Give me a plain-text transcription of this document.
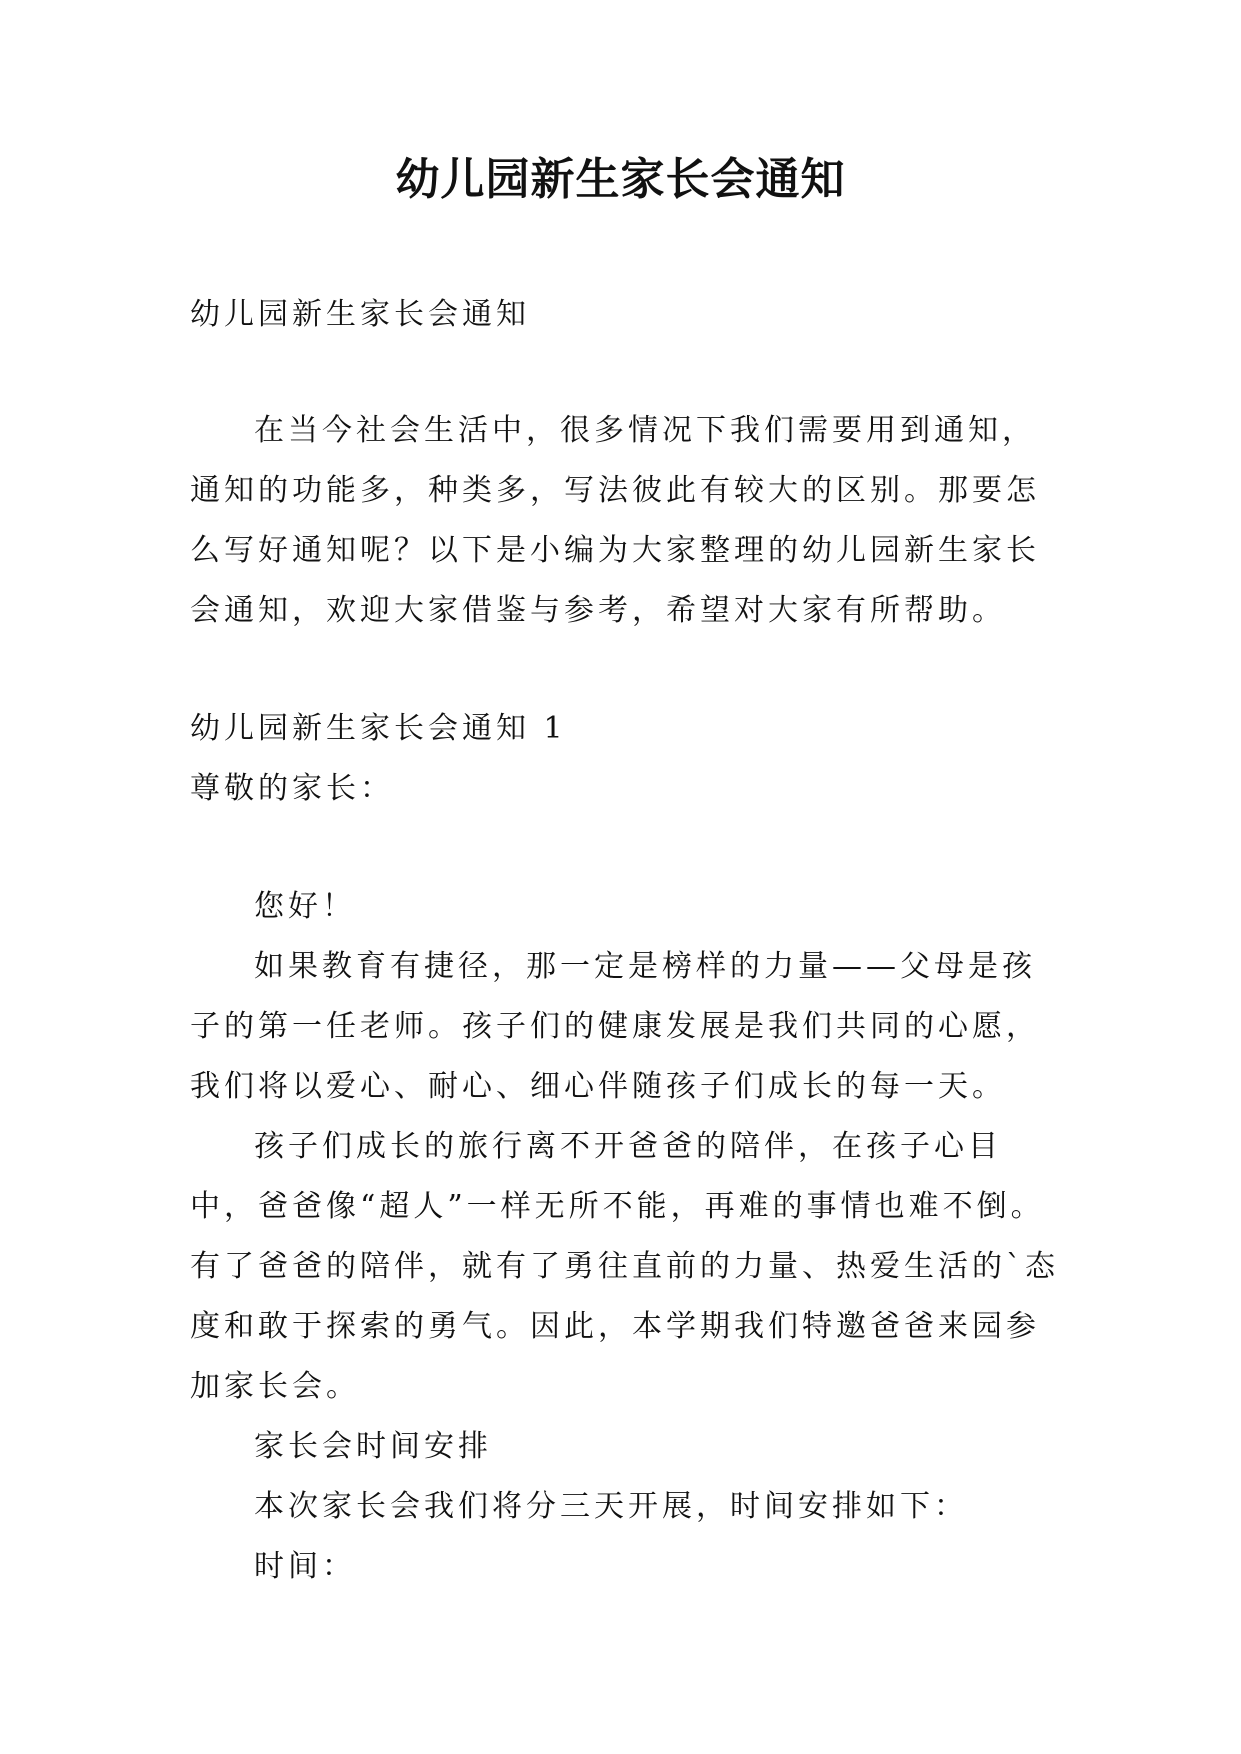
幼儿园新生家长会通知

幼儿园新生家长会通知

在当今社会生活中，很多情况下我们需要用到通知，通知的功能多，种类多，写法彼此有较大的区别。那要怎么写好通知呢？以下是小编为大家整理的幼儿园新生家长会通知，欢迎大家借鉴与参考，希望对大家有所帮助。

幼儿园新生家长会通知 1

尊敬的家长：

您好！

如果教育有捷径，那一定是榜样的力量——父母是孩子的第一任老师。孩子们的健康发展是我们共同的心愿，我们将以爱心、耐心、细心伴随孩子们成长的每一天。

孩子们成长的旅行离不开爸爸的陪伴，在孩子心目中，爸爸像“超人”一样无所不能，再难的事情也难不倒。有了爸爸的陪伴，就有了勇往直前的力量、热爱生活的`态度和敢于探索的勇气。因此，本学期我们特邀爸爸来园参加家长会。

家长会时间安排

本次家长会我们将分三天开展，时间安排如下：

时间：
